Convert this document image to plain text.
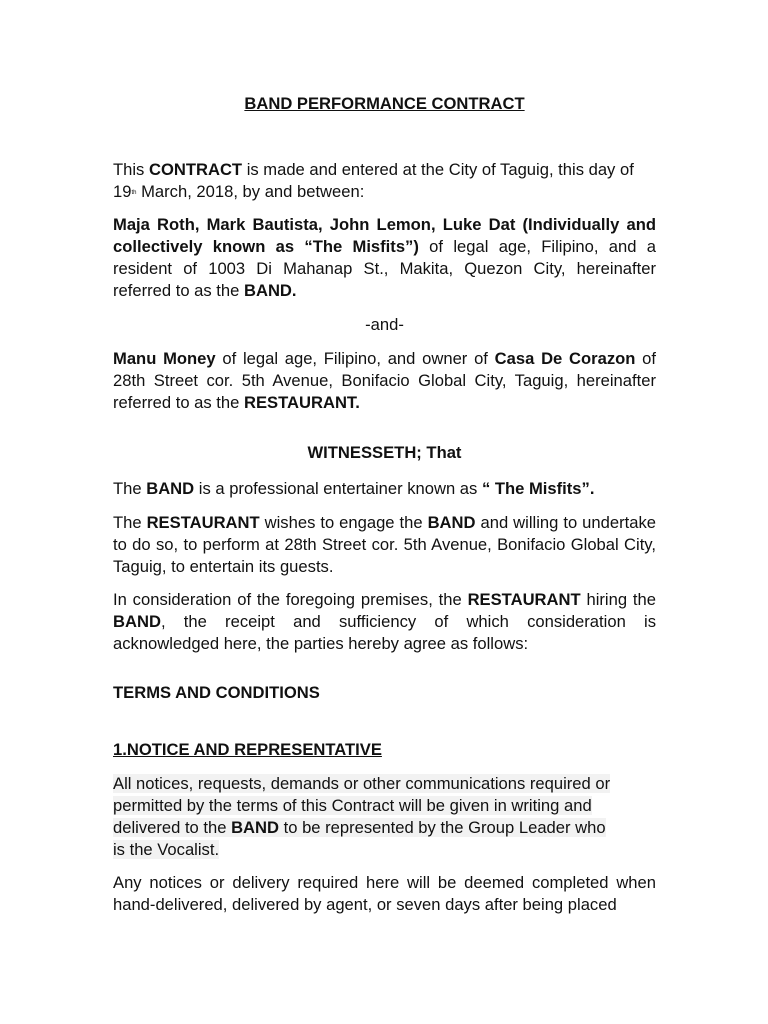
BAND PERFORMANCE CONTRACT

This CONTRACT is made and entered at the City of Taguig, this day of 19th March, 2018, by and between:

Maja Roth, Mark Bautista, John Lemon, Luke Dat (Individually and collectively known as “The Misfits”) of legal age, Filipino, and a resident of 1003 Di Mahanap St., Makita, Quezon City, hereinafter referred to as the BAND.

-and-

Manu Money of legal age, Filipino, and owner of Casa De Corazon of 28th Street cor. 5th Avenue, Bonifacio Global City, Taguig, hereinafter referred to as the RESTAURANT.

WITNESSETH; That

The BAND is a professional entertainer known as “ The Misfits”.

The RESTAURANT wishes to engage the BAND and willing to undertake to do so, to perform at 28th Street cor. 5th Avenue, Bonifacio Global City, Taguig, to entertain its guests.

In consideration of the foregoing premises, the RESTAURANT hiring the BAND, the receipt and sufficiency of which consideration is acknowledged here, the parties hereby agree as follows:

TERMS AND CONDITIONS

1.NOTICE AND REPRESENTATIVE

All notices, requests, demands or other communications required or
permitted by the terms of this Contract will be given in writing and
delivered to the BAND to be represented by the Group Leader who
is the Vocalist.

Any notices or delivery required here will be deemed completed when hand-delivered, delivered by agent, or seven days after being placed
